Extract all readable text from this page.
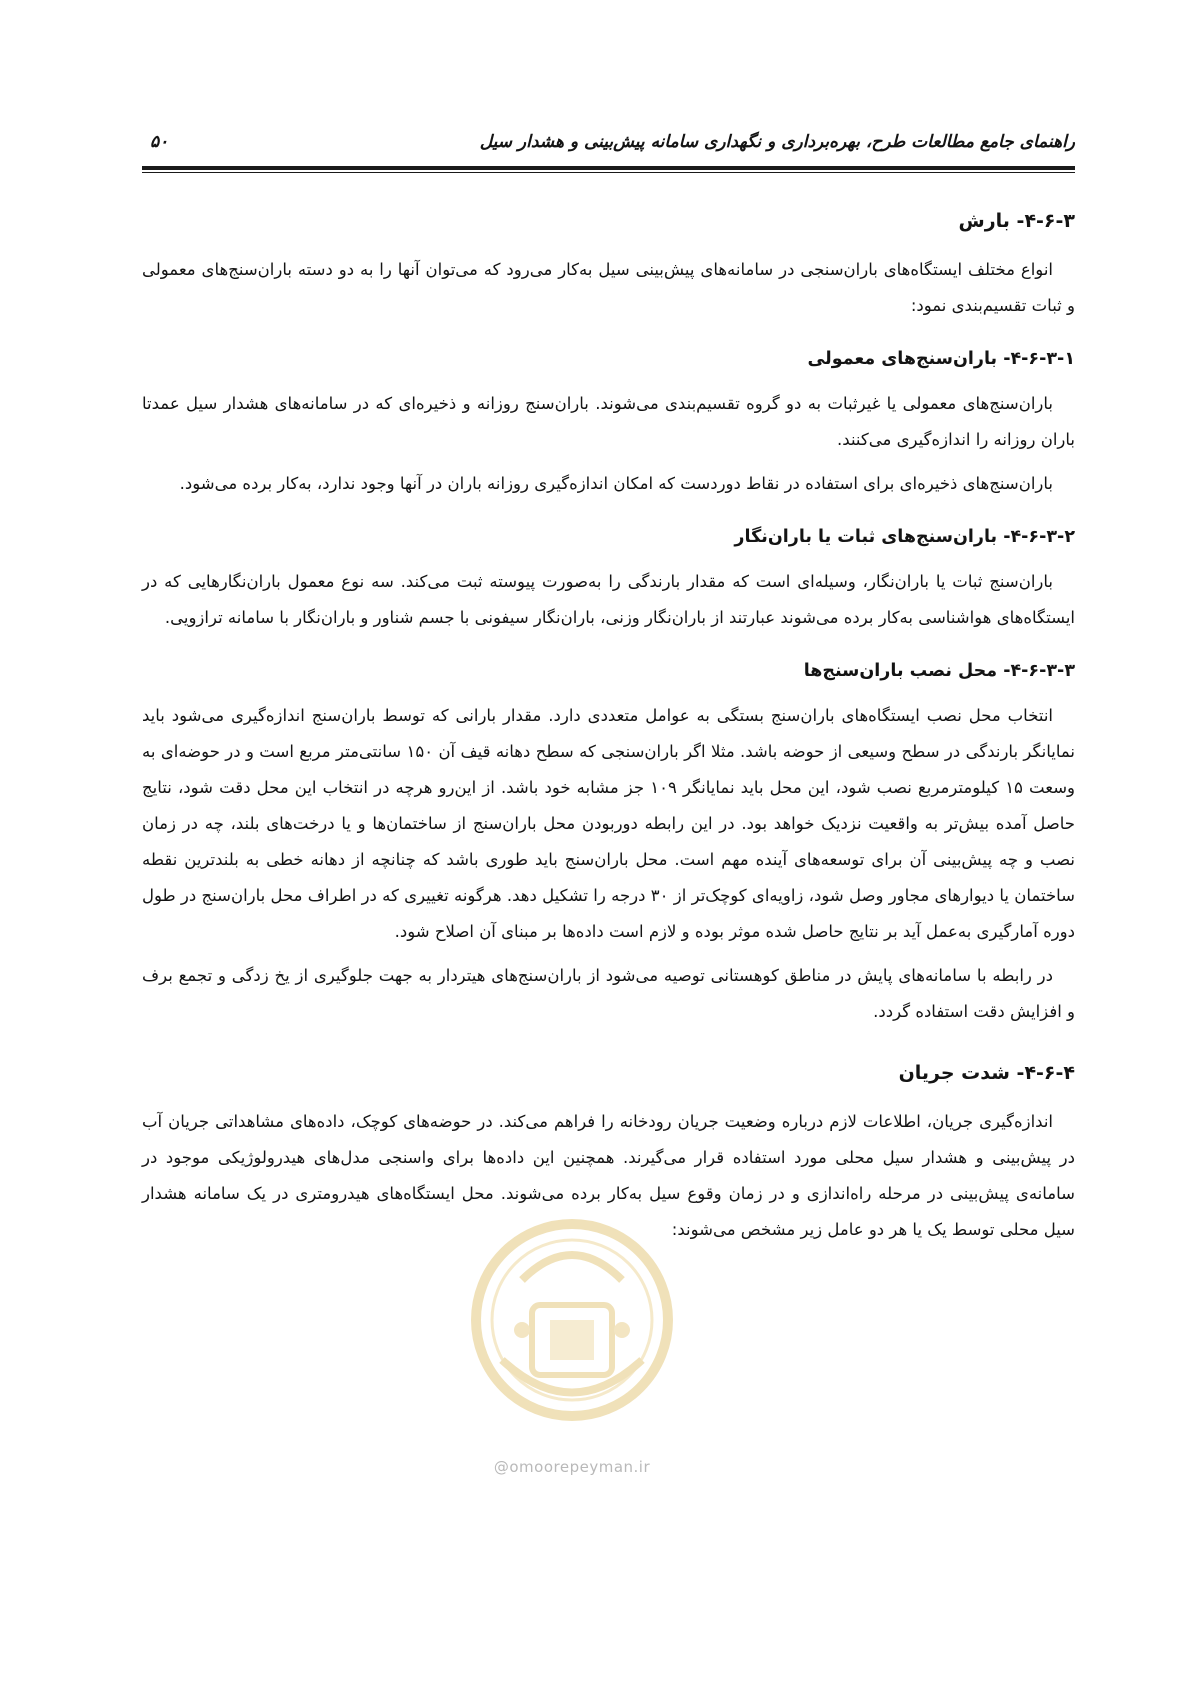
راهنمای جامع مطالعات طرح، بهره‌برداری و نگهداری سامانه پیش‌بینی و هشدار سیل
۵۰
۴-۶-۳- بارش

انواع مختلف ایستگاه‌های باران‌سنجی در سامانه‌های پیش‌بینی سیل به‌کار می‌رود که می‌توان آنها را به دو دسته باران‌سنج‌های معمولی و ثبات تقسیم‌بندی نمود:

۴-۶-۳-۱- باران‌سنج‌های معمولی

باران‌سنج‌های معمولی یا غیرثبات به دو گروه تقسیم‌بندی می‌شوند. باران‌سنج روزانه و ذخیره‌ای که در سامانه‌های هشدار سیل عمدتا باران روزانه را اندازه‌گیری می‌کنند.

باران‌سنج‌های ذخیره‌ای برای استفاده در نقاط دوردست که امکان اندازه‌گیری روزانه باران در آنها وجود ندارد، به‌کار برده می‌شود.

۴-۶-۳-۲- باران‌سنج‌های ثبات یا باران‌نگار

باران‌سنج ثبات یا باران‌نگار، وسیله‌ای است که مقدار بارندگی را به‌صورت پیوسته ثبت می‌کند. سه نوع معمول باران‌نگارهایی که در ایستگاه‌های هواشناسی به‌کار برده می‌شوند عبارتند از باران‌نگار وزنی، باران‌نگار سیفونی با جسم شناور و باران‌نگار با سامانه ترازویی.

۴-۶-۳-۳- محل نصب باران‌سنج‌ها

انتخاب محل نصب ایستگاه‌های باران‌سنج بستگی به عوامل متعددی دارد. مقدار بارانی که توسط باران‌سنج اندازه‌گیری می‌شود باید نمایانگر بارندگی در سطح وسیعی از حوضه باشد. مثلا اگر باران‌سنجی که سطح دهانه قیف آن ۱۵۰ سانتی‌متر مربع است و در حوضه‌ای به وسعت ۱۵ کیلومترمربع نصب شود، این محل باید نمایانگر ۱۰۹ جز مشابه خود باشد. از این‌رو هرچه در انتخاب این محل دقت شود، نتایج حاصل آمده بیش‌تر به واقعیت نزدیک خواهد بود. در این رابطه دوربودن محل باران‌سنج از ساختمان‌ها و یا درخت‌های بلند، چه در زمان نصب و چه پیش‌بینی آن برای توسعه‌های آینده مهم است. محل باران‌سنج باید طوری باشد که چنانچه از دهانه خطی به بلندترین نقطه ساختمان یا دیوارهای مجاور وصل شود، زاویه‌ای کوچک‌تر از ۳۰ درجه را تشکیل دهد. هرگونه تغییری که در اطراف محل باران‌سنج در طول دوره آمارگیری به‌عمل آید بر نتایج حاصل شده موثر بوده و لازم است داده‌ها بر مبنای آن اصلاح شود.

در رابطه با سامانه‌های پایش در مناطق کوهستانی توصیه می‌شود از باران‌سنج‌های هیتردار به جهت جلوگیری از یخ زدگی و تجمع برف و افزایش دقت استفاده گردد.

۴-۶-۴- شدت جریان

اندازه‌گیری جریان، اطلاعات لازم درباره وضعیت جریان رودخانه را فراهم می‌کند. در حوضه‌های کوچک، داده‌های مشاهداتی جریان آب در پیش‌بینی و هشدار سیل محلی مورد استفاده قرار می‌گیرند. همچنین این داده‌ها برای واسنجی مدل‌های هیدرولوژیکی موجود در سامانه‌ی پیش‌بینی در مرحله راه‌اندازی و در زمان وقوع سیل به‌کار برده می‌شوند. محل ایستگاه‌های هیدرومتری در یک سامانه هشدار سیل محلی توسط یک یا هر دو عامل زیر مشخص می‌شوند:

@omoorepeyman.ir
